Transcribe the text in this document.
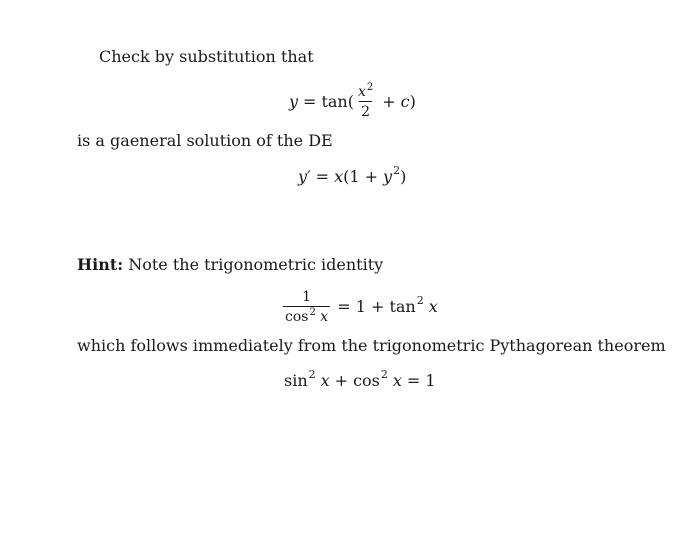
Check by substitution that
$y = \tan( \frac{x^2}{2} + c$ )
is a gaeneral solution of the DE
y′ = x ($1 + y^2$ )
Hint: Note the trigonometric identity
$\frac{1}{\cos^2 x} = 1 + \tan^2 x$
which follows immediately from the trigonometric Pythagorean theorem
$\sin^2 x + \cos^2 x = 1$
